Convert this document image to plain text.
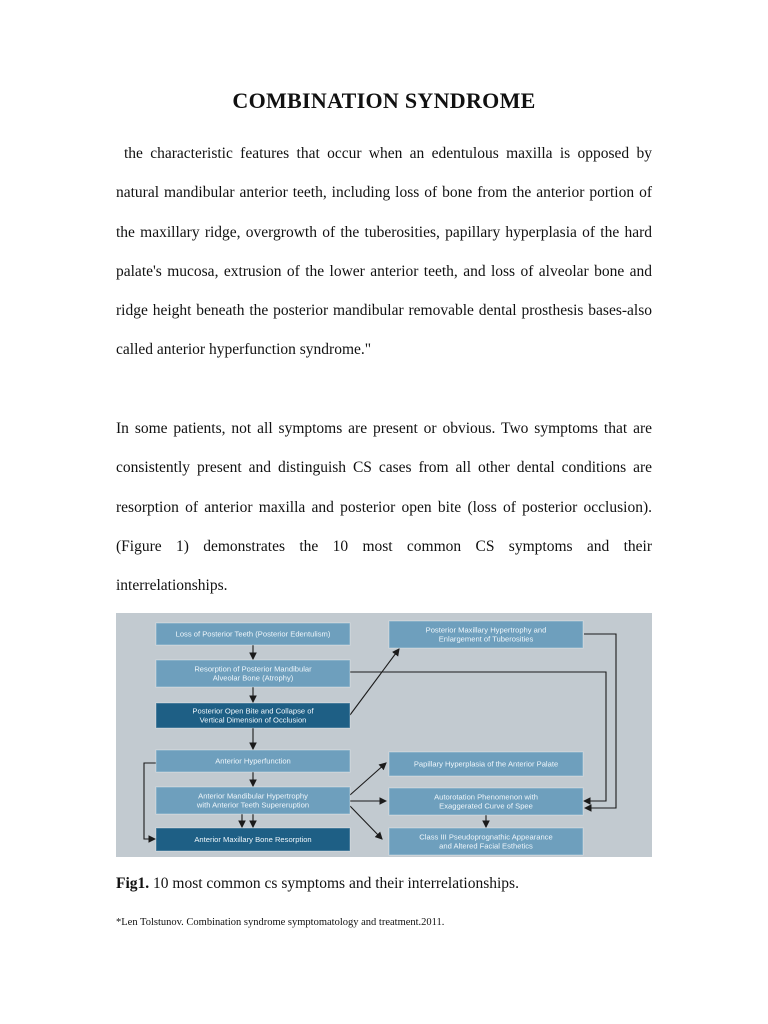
COMBINATION SYNDROME

the characteristic features that occur when an edentulous maxilla is opposed by natural mandibular anterior teeth, including loss of bone from the anterior portion of the maxillary ridge, overgrowth of the tuberosities, papillary hyperplasia of the hard palate's mucosa, extrusion of the lower anterior teeth, and loss of alveolar bone and ridge height beneath the posterior mandibular removable dental prosthesis bases-also called anterior hyperfunction syndrome."

In some patients, not all symptoms are present or obvious. Two symptoms that are consistently present and distinguish CS cases from all other dental conditions are resorption of anterior maxilla and posterior open bite (loss of posterior occlusion). (Figure 1) demonstrates the 10 most common CS symptoms and their interrelationships.

Loss of Posterior Teeth (Posterior Edentulism)
Resorption of Posterior Mandibular
Alveolar Bone (Atrophy)
Posterior Open Bite and Collapse of
Vertical Dimension of Occlusion
Anterior Hyperfunction
Anterior Mandibular Hypertrophy
with Anterior Teeth Supereruption
Anterior Maxillary Bone Resorption
Posterior Maxillary Hypertrophy and
Enlargement of Tuberosities
Papillary Hyperplasia of the Anterior Palate
Autorotation Phenomenon with
Exaggerated Curve of Spee
Class III Pseudoprognathic Appearance
and Altered Facial Esthetics
Fig1. 10 most common cs symptoms and their interrelationships.
*Len Tolstunov. Combination syndrome symptomatology and treatment.2011.
